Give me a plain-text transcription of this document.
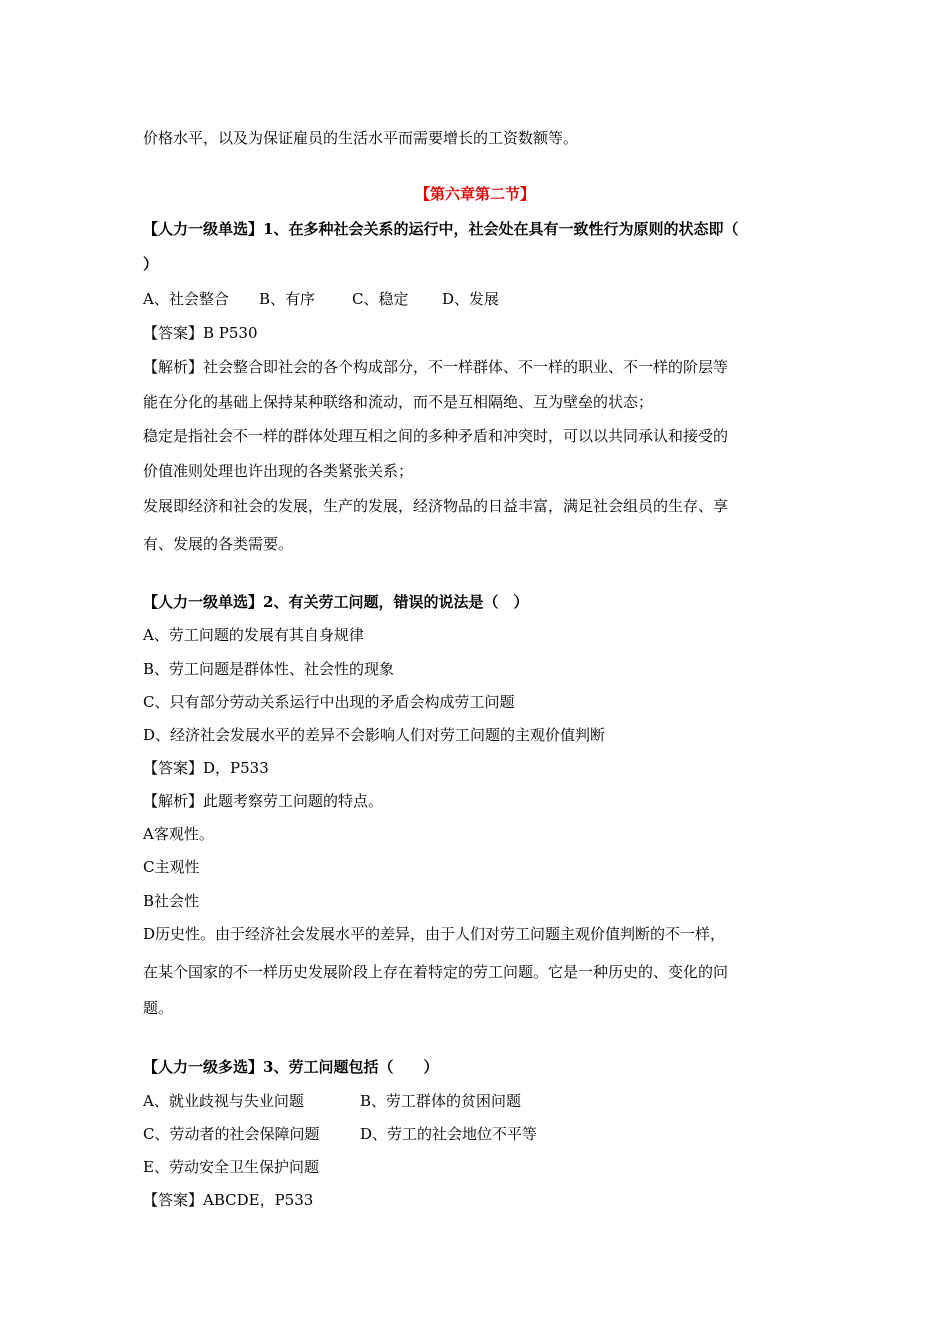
价格水平，以及为保证雇员的生活水平而需要增长的工资数额等。
【第六章第二节】
【人力一级单选】1、在多种社会关系的运行中，社会处在具有一致性行为原则的状态即（
）
A、社会整合 B、有序 C、稳定 D、发展
【答案】B P530
【解析】社会整合即社会的各个构成部分，不一样群体、不一样的职业、不一样的阶层等
能在分化的基础上保持某种联络和流动，而不是互相隔绝、互为壁垒的状态；
稳定是指社会不一样的群体处理互相之间的多种矛盾和冲突时，可以以共同承认和接受的
价值准则处理也许出现的各类紧张关系；
发展即经济和社会的发展，生产的发展，经济物品的日益丰富，满足社会组员的生存、享
有、发展的各类需要。
【人力一级单选】2、有关劳工问题，错误的说法是（　）
A、劳工问题的发展有其自身规律
B、劳工问题是群体性、社会性的现象
C、只有部分劳动关系运行中出现的矛盾会构成劳工问题
D、经济社会发展水平的差异不会影响人们对劳工问题的主观价值判断
【答案】D，P533
【解析】此题考察劳工问题的特点。
A客观性。
C主观性
B社会性
D历史性。由于经济社会发展水平的差异，由于人们对劳工问题主观价值判断的不一样，
在某个国家的不一样历史发展阶段上存在着特定的劳工问题。它是一种历史的、变化的问
题。
【人力一级多选】3、劳工问题包括（　　）
A、就业歧视与失业问题	B、劳工群体的贫困问题
C、劳动者的社会保障问题	D、劳工的社会地位不平等
E、劳动安全卫生保护问题
【答案】ABCDE，P533
